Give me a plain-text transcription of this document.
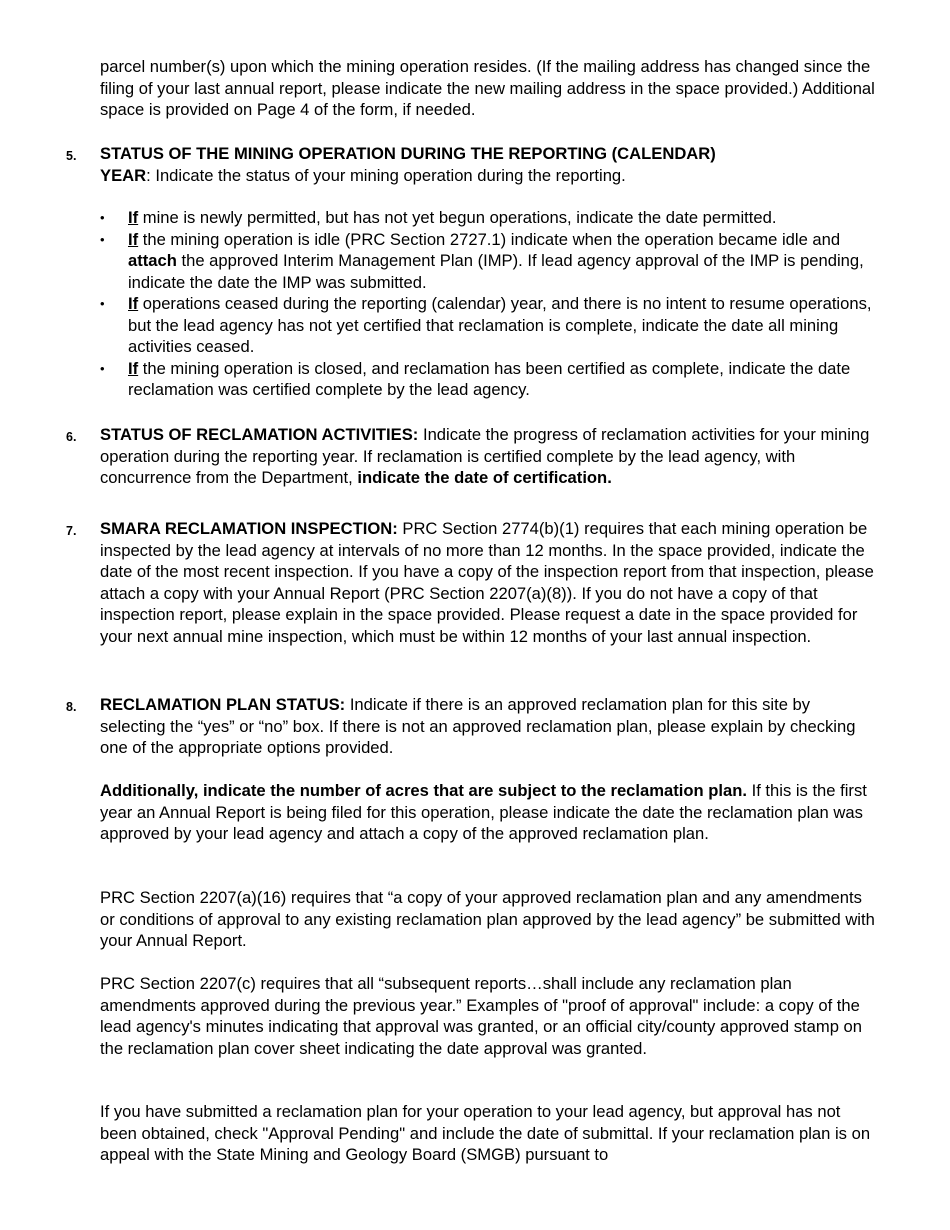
parcel number(s) upon which the mining operation resides. (If the mailing address has changed since the filing of your last annual report, please indicate the new mailing address in the space provided.) Additional space is provided on Page 4 of the form, if needed.

5. STATUS OF THE MINING OPERATION DURING THE REPORTING (CALENDAR)
YEAR: Indicate the status of your mining operation during the reporting.

• If mine is newly permitted, but has not yet begun operations, indicate the date permitted.
• If the mining operation is idle (PRC Section 2727.1) indicate when the operation became idle and attach the approved Interim Management Plan (IMP). If lead agency approval of the IMP is pending, indicate the date the IMP was submitted.
• If operations ceased during the reporting (calendar) year, and there is no intent to resume operations, but the lead agency has not yet certified that reclamation is complete, indicate the date all mining activities ceased.
• If the mining operation is closed, and reclamation has been certified as complete, indicate the date reclamation was certified complete by the lead agency.
6. STATUS OF RECLAMATION ACTIVITIES: Indicate the progress of reclamation activities for your mining operation during the reporting year. If reclamation is certified complete by the lead agency, with concurrence from the Department, indicate the date of certification.

7. SMARA RECLAMATION INSPECTION: PRC Section 2774(b)(1) requires that each mining operation be inspected by the lead agency at intervals of no more than 12 months. In the space provided, indicate the date of the most recent inspection. If you have a copy of the inspection report from that inspection, please attach a copy with your Annual Report (PRC Section 2207(a)(8)). If you do not have a copy of that inspection report, please explain in the space provided. Please request a date in the space provided for your next annual mine inspection, which must be within 12 months of your last annual inspection.

8. RECLAMATION PLAN STATUS: Indicate if there is an approved reclamation plan for this site by selecting the “yes” or “no” box. If there is not an approved reclamation plan, please explain by checking one of the appropriate options provided.

Additionally, indicate the number of acres that are subject to the reclamation plan. If this is the first year an Annual Report is being filed for this operation, please indicate the date the reclamation plan was approved by your lead agency and attach a copy of the approved reclamation plan.

PRC Section 2207(a)(16) requires that “a copy of your approved reclamation plan and any amendments or conditions of approval to any existing reclamation plan approved by the lead agency” be submitted with your Annual Report.

PRC Section 2207(c) requires that all “subsequent reports…shall include any reclamation plan amendments approved during the previous year.” Examples of "proof of approval" include: a copy of the lead agency's minutes indicating that approval was granted, or an official city/county approved stamp on the reclamation plan cover sheet indicating the date approval was granted.

If you have submitted a reclamation plan for your operation to your lead agency, but approval has not been obtained, check "Approval Pending" and include the date of submittal. If your reclamation plan is on appeal with the State Mining and Geology Board (SMGB) pursuant to
